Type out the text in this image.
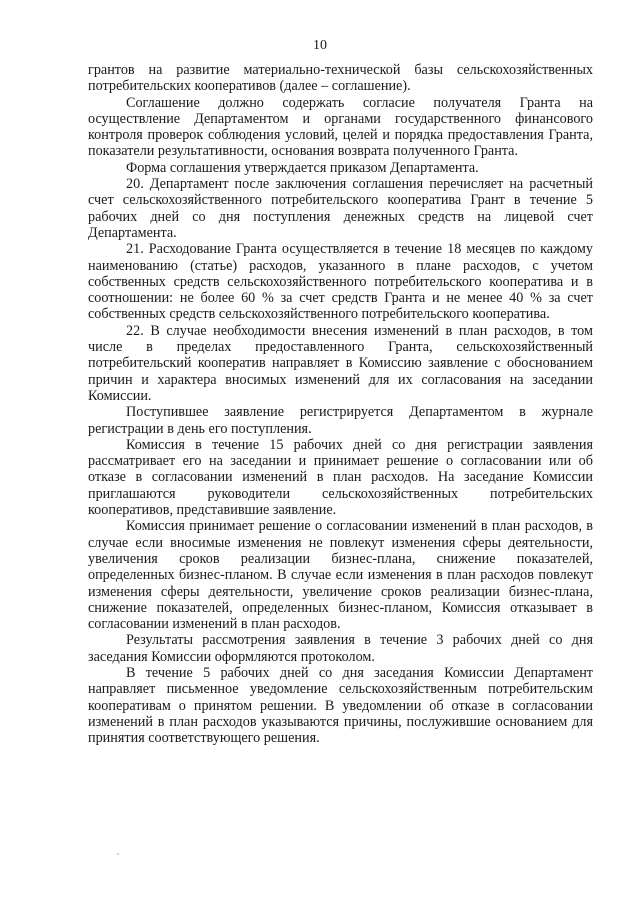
10

грантов на развитие материально-технической базы сельскохозяйственных потребительских кооперативов (далее – соглашение).

Соглашение должно содержать согласие получателя Гранта на осуществление Департаментом и органами государственного финансового контроля проверок соблюдения условий, целей и порядка предоставления Гранта, показатели результативности, основания возврата полученного Гранта.

Форма соглашения утверждается приказом Департамента.

20. Департамент после заключения соглашения перечисляет на расчетный счет сельскохозяйственного потребительского кооператива Грант в течение 5 рабочих дней со дня поступления денежных средств на лицевой счет Департамента.

21. Расходование Гранта осуществляется в течение 18 месяцев по каждому наименованию (статье) расходов, указанного в плане расходов, с учетом собственных средств сельскохозяйственного потребительского кооператива и в соотношении: не более 60 % за счет средств Гранта и не менее 40 % за счет собственных средств сельскохозяйственного потребительского кооператива.

22. В случае необходимости внесения изменений в план расходов, в том числе в пределах предоставленного Гранта, сельскохозяйственный потребительский кооператив направляет в Комиссию заявление с обоснованием причин и характера вносимых изменений для их согласования на заседании Комиссии.

Поступившее заявление регистрируется Департаментом в журнале регистрации в день его поступления.

Комиссия в течение 15 рабочих дней со дня регистрации заявления рассматривает его на заседании и принимает решение о согласовании или об отказе в согласовании изменений в план расходов. На заседание Комиссии приглашаются руководители сельскохозяйственных потребительских кооперативов, представившие заявление.

Комиссия принимает решение о согласовании изменений в план расходов, в случае если вносимые изменения не повлекут изменения сферы деятельности, увеличения сроков реализации бизнес-плана, снижение показателей, определенных бизнес-планом. В случае если изменения в план расходов повлекут изменения сферы деятельности, увеличение сроков реализации бизнес-плана, снижение показателей, определенных бизнес-планом, Комиссия отказывает в согласовании изменений в план расходов.

Результаты рассмотрения заявления в течение 3 рабочих дней со дня заседания Комиссии оформляются протоколом.

В течение 5 рабочих дней со дня заседания Комиссии Департамент направляет письменное уведомление сельскохозяйственным потребительским кооперативам о принятом решении. В уведомлении об отказе в согласовании изменений в план расходов указываются причины, послужившие основанием для принятия соответствующего решения.
